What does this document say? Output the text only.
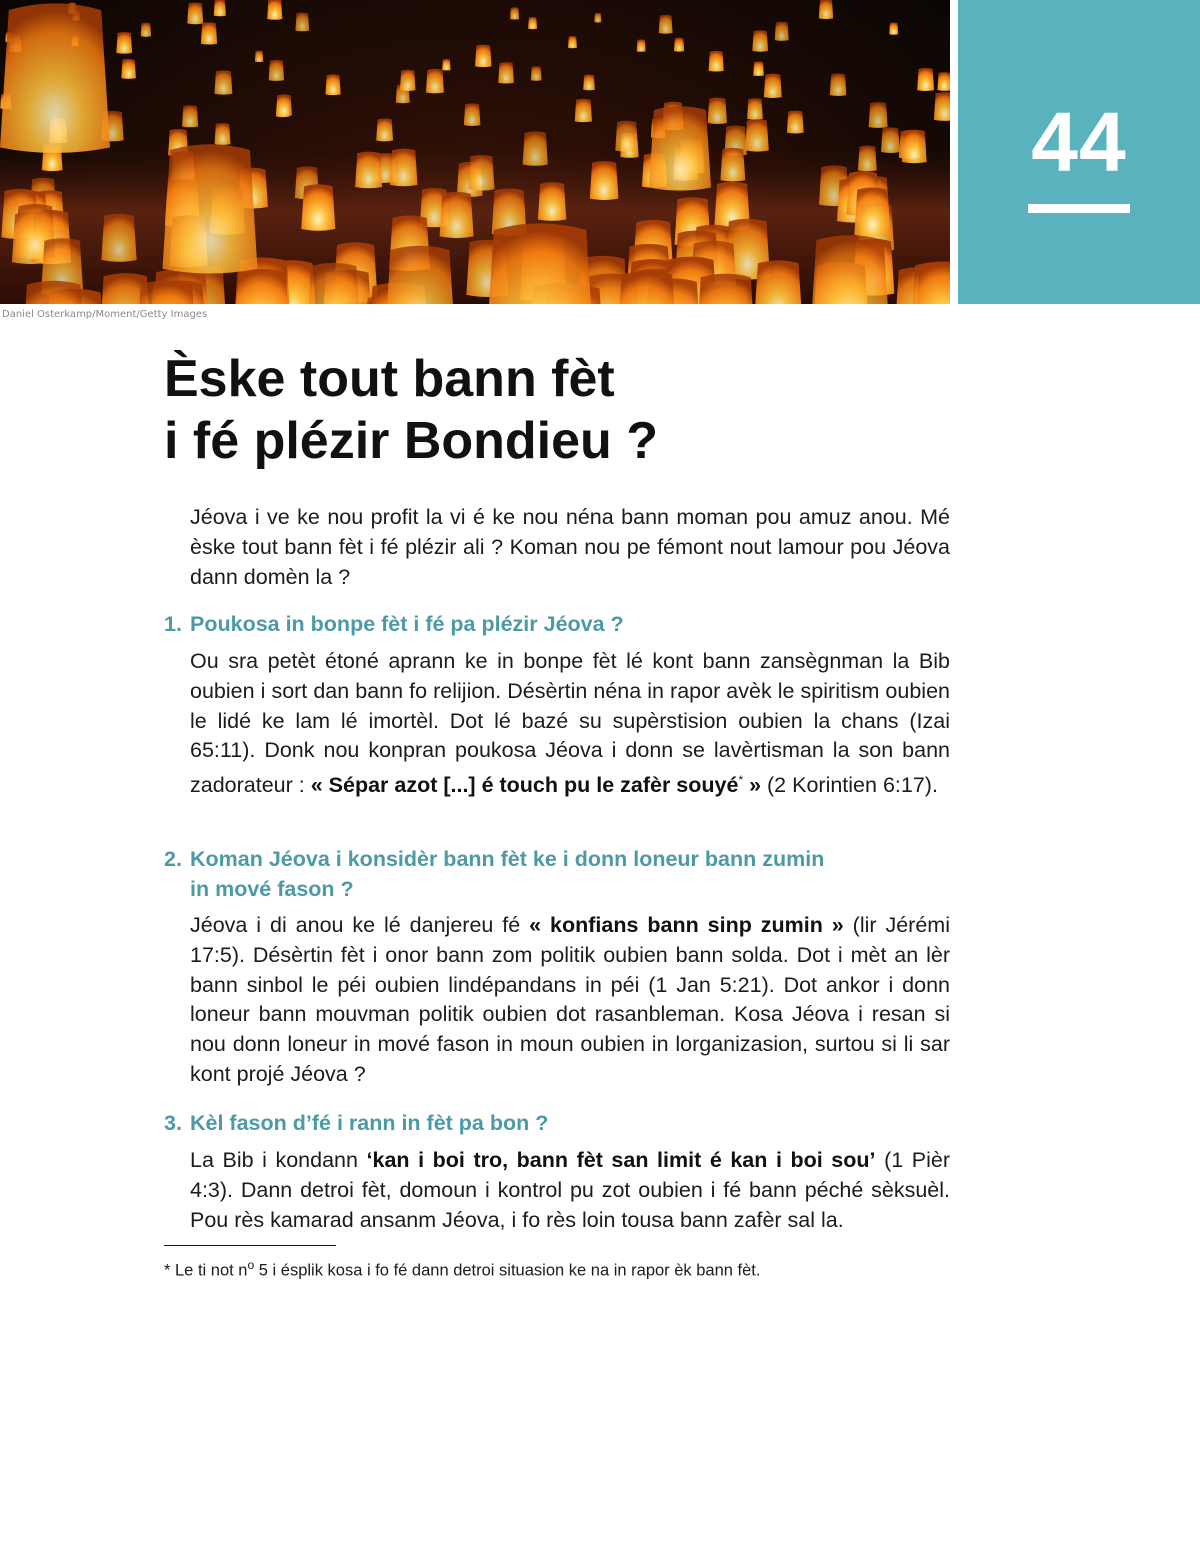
44
Daniel Osterkamp/Moment/Getty Images
Èske tout bann fèt
i fé plézir Bondieu ?

Jéova i ve ke nou profit la vi é ke nou néna bann moman pou amuz anou. Mé èske tout bann fèt i fé plézir ali ? Koman nou pe fémont nout lamour pou Jéova dann domèn la ?

1. Poukosa in bonpe fèt i fé pa plézir Jéova ?

Ou sra petèt étoné aprann ke in bonpe fèt lé kont bann zansègnman la Bib oubien i sort dan bann fo relijion. Désèrtin néna in rapor avèk le spiritism oubien le lidé ke lam lé imortèl. Dot lé bazé su supèrstision oubien la chans (Izai 65:11). Donk nou konpran poukosa Jéova i donn se lavèrtisman la son bann zadorateur : « Sépar azot [...] é touch pu le zafèr souyé* » (2 Korintien 6:17).

2. Koman Jéova i konsidèr bann fèt ke i donn loneur bann zumin
in mové fason ?

Jéova i di anou ke lé danjereu fé « konfians bann sinp zumin » (lir Jérémi 17:5). Désèrtin fèt i onor bann zom politik oubien bann solda. Dot i mèt an lèr bann sinbol le péi oubien lindépandans in péi (1 Jan 5:21). Dot ankor i donn loneur bann mouvman politik oubien dot rasanbleman. Kosa Jéova i resan si nou donn loneur in mové fason in moun oubien in lorganizasion, surtou si li sar kont projé Jéova ?

3. Kèl fason d’fé i rann in fèt pa bon ?

La Bib i kondann ‘kan i boi tro, bann fèt san limit é kan i boi sou’ (1 Pièr 4:3). Dann detroi fèt, domoun i kontrol pu zot oubien i fé bann péché sèksuèl. Pou rès kamarad ansanm Jéova, i fo rès loin tousa bann zafèr sal la.

* Le ti not $n^o$ 5 i ésplik kosa i fo fé dann detroi situasion ke na in rapor èk bann fèt.
